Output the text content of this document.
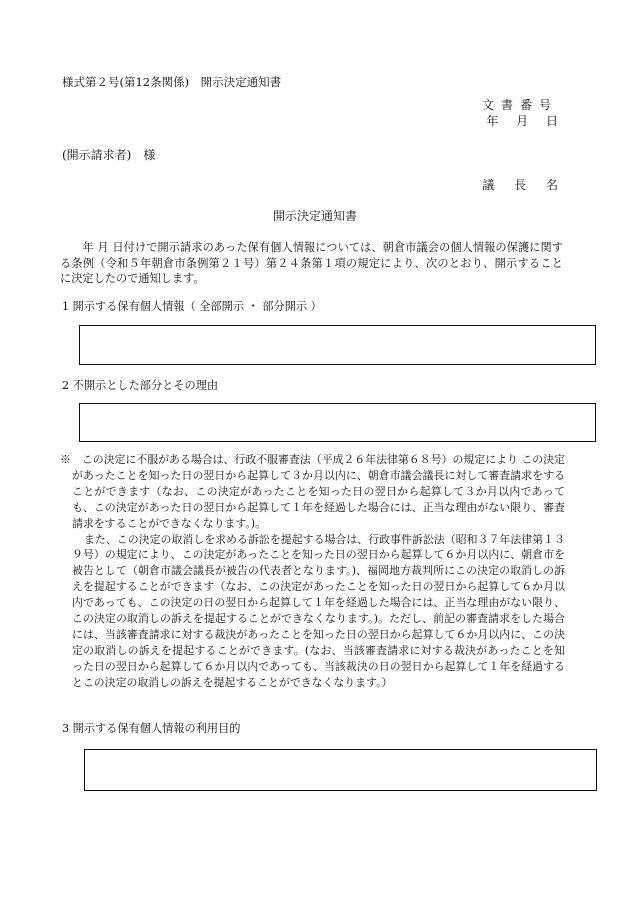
様式第２号(第12条関係)　開示決定通知書
文書番号
年 月 日
(開示請求者)　様
議 長 名
開示決定通知書
　　年 月 日付けで開示請求のあった保有個人情報については、朝倉市議会の個人情報の保護に関する条例（令和５年朝倉市条例第２１号）第２４条第１項の規定により、次のとおり、開示することに決定したので通知します。
1 開示する保有個人情報（ 全部開示 ・ 部分開示 ）
2 不開示とした部分とその理由

※　この決定に不服がある場合は、行政不服審査法（平成２６年法律第６８号）の規定により この決定があったことを知った日の翌日から起算して３か月以内に、朝倉市議会議長に対して審査請求をすることができます（なお、この決定があったことを知った日の翌日から起算して３か月以内であっても、この決定があった日の翌日から起算して１年を経過した場合には、正当な理由がない限り、審査請求をすることができなくなります。)。

また、この決定の取消しを求める訴訟を提起する場合は、行政事件訴訟法（昭和３７年法律第１３９号）の規定により、この決定があったことを知った日の翌日から起算して６か月以内に、朝倉市を被告として（朝倉市議会議長が被告の代表者となります。)、福岡地方裁判所にこの決定の取消しの訴えを提起することができます（なお、この決定があったことを知った日の翌日から起算して６か月以内であっても、この決定の日の翌日から起算して１年を経過した場合には、正当な理由がない限り、この決定の取消しの訴えを提起することができなくなります。)。ただし、前記の審査請求をした場合には、当該審査請求に対する裁決があったことを知った日の翌日から起算して６か月以内に、この決定の取消しの訴えを提起することができます。(なお、当該審査請求に対する裁決があったことを知った日の翌日から起算して６か月以内であっても、当該裁決の日の翌日から起算して１年を経過するとこの決定の取消しの訴えを提起することができなくなります。）

3 開示する保有個人情報の利用目的
